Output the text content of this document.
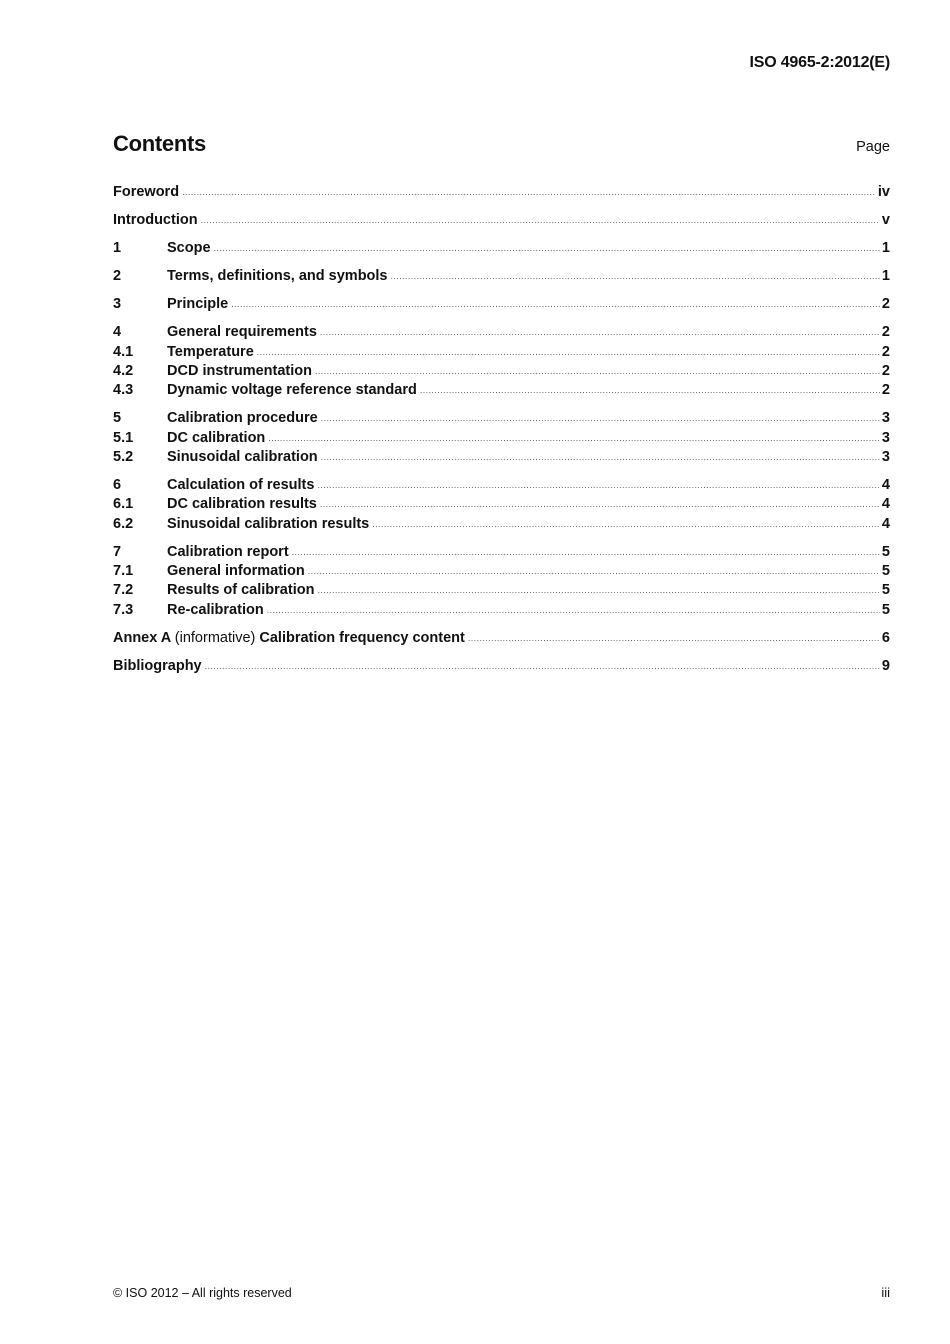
ISO 4965-2:2012(E)
Contents	Page
Foreword .....	iv
Introduction .....	v
1	Scope .....	1
2	Terms, definitions, and symbols .....	1
3	Principle .....	2
4	General requirements .....	2
4.1	Temperature .....	2
4.2	DCD instrumentation .....	2
4.3	Dynamic voltage reference standard .....	2
5	Calibration procedure .....	3
5.1	DC calibration .....	3
5.2	Sinusoidal calibration .....	3
6	Calculation of results .....	4
6.1	DC calibration results .....	4
6.2	Sinusoidal calibration results .....	4
7	Calibration report .....	5
7.1	General information .....	5
7.2	Results of calibration .....	5
7.3	Re-calibration .....	5
Annex A (informative) Calibration frequency content .....	6
Bibliography .....	9
© ISO 2012 – All rights reserved	iii
